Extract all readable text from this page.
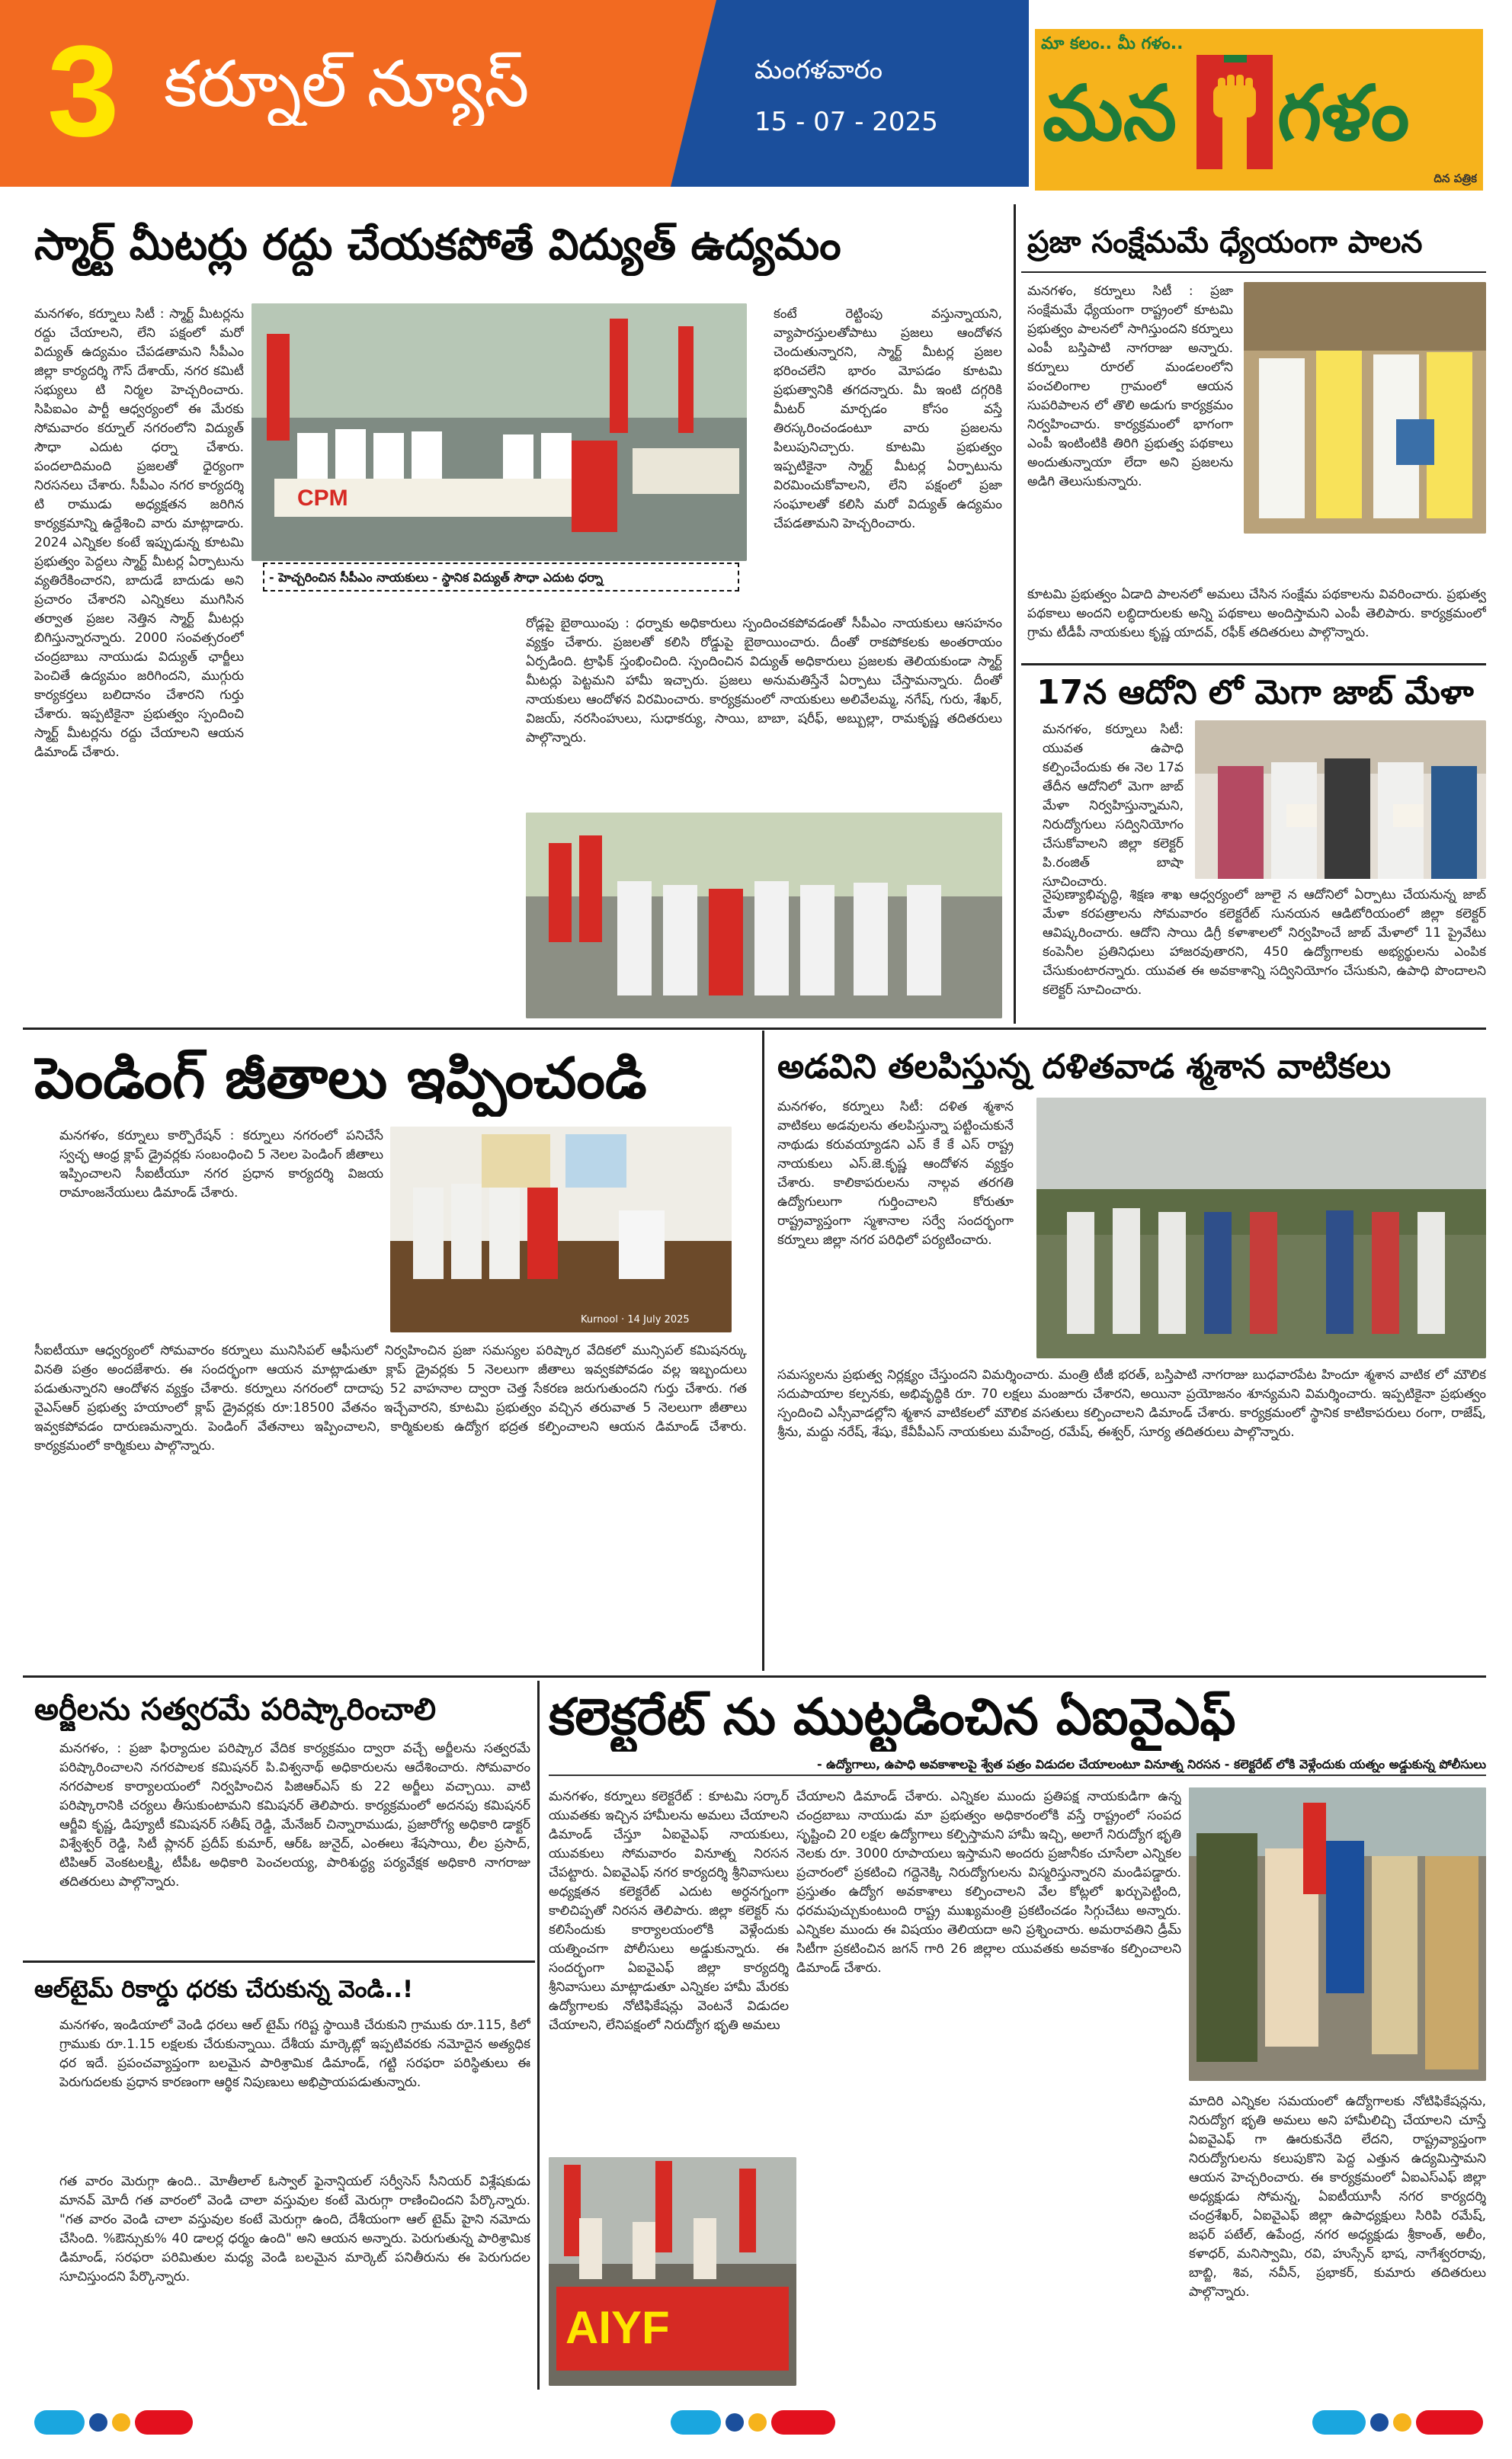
3 కర్నూల్ న్యూస్	మంగళవారం
15 - 07 - 2025
మా కలం.. మీ గళం..
మన గళం
దిన పత్రిక
స్మార్ట్ మీటర్లు రద్దు చేయకపోతే విద్యుత్ ఉద్యమం
మనగళం, కర్నూలు సిటీ : స్మార్ట్ మీటర్లను రద్దు చేయాలని, లేని పక్షంలో మరో విద్యుత్ ఉద్యమం చేపడతామని సీపీఎం జిల్లా కార్యదర్శి గౌస్ దేశాయ్, నగర కమిటీ సభ్యులు టి నిర్మల హెచ్చరించారు. సిపిఐఎం పార్టీ ఆధ్వర్యంలో ఈ మేరకు సోమవారం కర్నూల్ నగరంలోని విద్యుత్ సౌధా ఎదుట ధర్నా చేశారు. పందలాదిమంది ప్రజలతో ధైర్యంగా నిరసనలు చేశారు. సీపీఎం నగర కార్యదర్శి టి రాముడు అధ్యక్షతన జరిగిన కార్యక్రమాన్ని ఉద్దేశించి వారు మాట్లాడారు. 2024 ఎన్నికల కంటే ఇప్పుడున్న కూటమి ప్రభుత్వం పెద్దలు స్మార్ట్ మీటర్ల ఏర్పాటును వ్యతిరేకించారని, బాదుడే బాదుడు అని ప్రచారం చేశారని ఎన్నికలు ముగిసిన తర్వాత ప్రజల నెత్తిన స్మార్ట్ మీటర్లు బిగిస్తున్నారన్నారు. 2000 సంవత్సరంలో చంద్రబాబు నాయుడు విద్యుత్ ఛార్జీలు పెంచితే ఉద్యమం జరిగిందని, ముగ్గురు కార్యకర్తలు బలిదానం చేశారని గుర్తు చేశారు. ఇప్పటికైనా ప్రభుత్వం స్పందించి స్మార్ట్ మీటర్లను రద్దు చేయాలని ఆయన డిమాండ్ చేశారు.
CPM
- హెచ్చరించిన సీపీఎం నాయకులు - స్థానిక విద్యుత్ సౌధా ఎదుట ధర్నా
కంటే రెట్టింపు వస్తున్నాయని, వ్యాపారస్తులతోపాటు ప్రజలు ఆందోళన చెందుతున్నారని, స్మార్ట్ మీటర్ల ప్రజల భరించలేని భారం మోపడం కూటమి ప్రభుత్వానికి తగదన్నారు. మీ ఇంటి దగ్గరికి మీటర్ మార్చడం కోసం వస్తే తిరస్కరించండంటూ వారు ప్రజలను పిలుపునిచ్చారు. కూటమి ప్రభుత్వం ఇప్పటికైనా స్మార్ట్ మీటర్ల ఏర్పాటును విరమించుకోవాలని, లేని పక్షంలో ప్రజా సంఘాలతో కలిసి మరో విద్యుత్ ఉద్యమం చేపడతామని హెచ్చరించారు.
రోడ్లపై బైఠాయింపు : ధర్నాకు అధికారులు స్పందించకపోవడంతో సీపీఎం నాయకులు ఆసహనం వ్యక్తం చేశారు. ప్రజలతో కలిసి రోడ్డుపై బైఠాయించారు. దీంతో రాకపోకలకు అంతరాయం ఏర్పడింది. ట్రాఫిక్ స్తంభించింది. స్పందించిన విద్యుత్ అధికారులు ప్రజలకు తెలియకుండా స్మార్ట్ మీటర్లు పెట్టమని హామీ ఇచ్చారు. ప్రజలు అనుమతిస్తేనే ఏర్పాటు చేస్తామన్నారు. దీంతో నాయకులు ఆందోళన విరమించారు. కార్యక్రమంలో నాయకులు అలివేలమ్మ, నగేష్, గురు, శేఖర్, విజయ్, నరసింహులు, సుధాకర్యు, సాయి, బాబా, షరీఫ్, అబ్బుల్లా, రామకృష్ణ తదితరులు పాల్గొన్నారు.
ప్రజా సంక్షేమమే ధ్యేయంగా పాలన
మనగళం, కర్నూలు సిటీ : ప్రజా సంక్షేమమే ధ్యేయంగా రాష్ట్రంలో కూటమి ప్రభుత్వం పాలనలో సాగిస్తుందని కర్నూలు ఎంపీ బస్తిపాటి నాగరాజు అన్నారు. కర్నూలు రూరల్ మండలంలోని పంచలింగాల గ్రామంలో ఆయన సుపరిపాలన లో తొలి అడుగు కార్యక్రమం నిర్వహించారు. కార్యక్రమంలో భాగంగా ఎంపీ ఇంటింటికి తిరిగి ప్రభుత్వ పథకాలు అందుతున్నాయా లేదా అని ప్రజలను అడిగి తెలుసుకున్నారు.
కూటమి ప్రభుత్వం ఏడాది పాలనలో అమలు చేసిన సంక్షేమ పథకాలను వివరించారు. ప్రభుత్వ పథకాలు అందని లబ్ధిదారులకు అన్ని పథకాలు అందిస్తామని ఎంపీ తెలిపారు. కార్యక్రమంలో గ్రామ టీడీపీ నాయకులు కృష్ణ యాదవ్, రఫీక్ తదితరులు పాల్గొన్నారు.
17న ఆదోని లో మెగా జాబ్ మేళా
మనగళం, కర్నూలు సిటీ: యువత ఉపాధి కల్పించేందుకు ఈ నెల 17వ తేదీన ఆదోనిలో మెగా జాబ్ మేళా నిర్వహిస్తున్నామని, నిరుద్యోగులు సద్వినియోగం చేసుకోవాలని జిల్లా కలెక్టర్ పి.రంజిత్ బాషా సూచించారు.
నైపుణ్యాభివృద్ధి, శిక్షణ శాఖ ఆధ్వర్యంలో జూలై న ఆదోనిలో ఏర్పాటు చేయనున్న జాబ్ మేళా కరపత్రాలను సోమవారం కలెక్టరేట్ సునయన ఆడిటోరియంలో జిల్లా కలెక్టర్ ఆవిష్కరించారు. ఆదోని సాయి డిగ్రీ కళాశాలలో నిర్వహించే జాబ్ మేళాలో 11 ప్రైవేటు కంపెనీల ప్రతినిధులు హాజరవుతారని, 450 ఉద్యోగాలకు అభ్యర్థులను ఎంపిక చేసుకుంటారన్నారు. యువత ఈ అవకాశాన్ని సద్వినియోగం చేసుకుని, ఉపాధి పొందాలని కలెక్టర్ సూచించారు.
పెండింగ్ జీతాలు ఇప్పించండి
మనగళం, కర్నూలు కార్పొరేషన్ : కర్నూలు నగరంలో పనిచేసే స్వచ్ఛ ఆంధ్ర క్లాప్ డ్రైవర్లకు సంబంధించి 5 నెలల పెండింగ్ జీతాలు ఇప్పించాలని సీఐటీయూ నగర ప్రధాన కార్యదర్శి విజయ రామాంజనేయులు డిమాండ్ చేశారు.
Kurnool · 14 July 2025
సీఐటీయూ ఆధ్వర్యంలో సోమవారం కర్నూలు మునిసిపల్ ఆఫీసులో నిర్వహించిన ప్రజా సమస్యల పరిష్కార వేదికలో మున్సిపల్ కమిషనర్కు వినతి పత్రం అందజేశారు. ఈ సందర్భంగా ఆయన మాట్లాడుతూ క్లాప్ డ్రైవర్లకు 5 నెలలుగా జీతాలు ఇవ్వకపోవడం వల్ల ఇబ్బందులు పడుతున్నారని ఆందోళన వ్యక్తం చేశారు. కర్నూలు నగరంలో దాదాపు 52 వాహనాల ద్వారా చెత్త సేకరణ జరుగుతుందని గుర్తు చేశారు. గత వైఎస్ఆర్ ప్రభుత్వ హయాంలో క్లాప్ డ్రైవర్లకు రూ:18500 వేతనం ఇచ్చేవారని, కూటమి ప్రభుత్వం వచ్చిన తరువాత 5 నెలలుగా జీతాలు ఇవ్వకపోవడం దారుణమన్నారు. పెండింగ్ వేతనాలు ఇప్పించాలని, కార్మికులకు ఉద్యోగ భద్రత కల్పించాలని ఆయన డిమాండ్ చేశారు. కార్యక్రమంలో కార్మికులు పాల్గొన్నారు.
అడవిని తలపిస్తున్న దళితవాడ శ్మశాన వాటికలు
మనగళం, కర్నూలు సిటీ: దళిత శ్మశాన వాటికలు అడవులను తలపిస్తున్నా పట్టించుకునే నాథుడు కరువయ్యాడని ఎస్ కే కే ఎస్ రాష్ట్ర నాయకులు ఎస్.జె.కృష్ణ ఆందోళన వ్యక్తం చేశారు. కాలికాపరులను నాల్గవ తరగతి ఉద్యోగులుగా గుర్తించాలని కోరుతూ రాష్ట్రవ్యాప్తంగా స్మశానాల సర్వే సందర్భంగా కర్నూలు జిల్లా నగర పరిధిలో పర్యటించారు.
సమస్యలను ప్రభుత్వ నిర్లక్ష్యం చేస్తుందని విమర్శించారు. మంత్రి టీజీ భరత్, బస్తిపాటి నాగరాజు బుధవారపేట హిందూ శ్మశాన వాటిక లో మౌలిక సదుపాయాల కల్పనకు, అభివృద్ధికి రూ. 70 లక్షలు మంజూరు చేశారని, అయినా ప్రయోజనం శూన్యమని విమర్శించారు. ఇప్పటికైనా ప్రభుత్వం స్పందించి ఎస్సీవాడల్లోని శ్మశాన వాటికలలో మౌలిక వసతులు కల్పించాలని డిమాండ్ చేశారు. కార్యక్రమంలో స్థానిక కాటికాపరులు రంగా, రాజేష్, శ్రీను, మద్దు నరేష్, శేషు, కేవీపీఎస్ నాయకులు మహేంద్ర, రమేష్, ఈశ్వర్, సూర్య తదితరులు పాల్గొన్నారు.
అర్జీలను సత్వరమే పరిష్కారించాలి
మనగళం, : ప్రజా ఫిర్యాదుల పరిష్కార వేదిక కార్యక్రమం ద్వారా వచ్చే అర్జీలను సత్వరమే పరిష్కారించాలని నగరపాలక కమిషనర్ పి.విశ్వనాథ్ అధికారులను ఆదేశించారు. సోమవారం నగరపాలక కార్యాలయంలో నిర్వహించిన పిజిఆర్ఎస్ కు 22 అర్జీలు వచ్చాయి. వాటి పరిష్కారానికి చర్యలు తీసుకుంటామని కమిషనర్ తెలిపారు. కార్యక్రమంలో అదనపు కమిషనర్ ఆర్జీవి కృష్ణ, డిప్యూటీ కమిషనర్ సతీష్ రెడ్డి, మేనేజర్ చిన్నారాముడు, ప్రజారోగ్య అధికారి డాక్టర్ విశ్వేశ్వర్ రెడ్డి, సిటీ ప్లానర్ ప్రదీప్ కుమార్, ఆర్ఓ జునైద్, ఎంఈలు శేషసాయి, లీల ప్రసాద్, టిపిఆర్ వెంకటలక్ష్మి, టీపీఓ అధికారి పెంచలయ్య, పారిశుద్ధ్య పర్యవేక్షక అధికారి నాగరాజు తదితరులు పాల్గొన్నారు.
ఆల్‌టైమ్ రికార్డు ధరకు చేరుకున్న వెండి..!
మనగళం, ఇండియాలో వెండి ధరలు ఆల్ టైమ్ గరిష్ట స్థాయికి చేరుకుని గ్రాముకు రూ.115, కిలో గ్రాముకు రూ.1.15 లక్షలకు చేరుకున్నాయి. దేశీయ మార్కెట్లో ఇప్పటివరకు నమోదైన అత్యధిక ధర ఇదే. ప్రపంచవ్యాప్తంగా బలమైన పారిశ్రామిక డిమాండ్, గట్టి సరఫరా పరిస్థితులు ఈ పెరుగుదలకు ప్రధాన కారణంగా ఆర్థిక నిపుణులు అభిప్రాయపడుతున్నారు.
గత వారం మెరుగ్గా ఉంది.. మోతీలాల్ ఓస్వాల్ ఫైనాన్షియల్ సర్వీసెస్ సీనియర్ విశ్లేషకుడు మానవ్ మోదీ గత వారంలో వెండి చాలా వస్తువుల కంటే మెరుగ్గా రాణించిందని పేర్కొన్నారు. "గత వారం వెండి చాలా వస్తువుల కంటే మెరుగ్గా ఉంది, దేశీయంగా ఆల్ టైమ్ హైని నమోదు చేసింది. %ఔన్సుకు% 40 డాలర్ల ధర్మం ఉంది" అని ఆయన అన్నారు. పెరుగుతున్న పారిశ్రామిక డిమాండ్, సరఫరా పరిమితుల మధ్య వెండి బలమైన మార్కెట్ పనితీరును ఈ పెరుగుదల సూచిస్తుందని పేర్కొన్నారు.
కలెక్టరేట్ ను ముట్టడించిన ఏఐవైఎఫ్
- ఉద్యోగాలు, ఉపాధి అవకాశాలపై శ్వేత పత్రం విడుదల చేయాలంటూ వినూత్న నిరసన - కలెక్టరేట్ లోకి వెళ్లేందుకు యత్నం అడ్డుకున్న పోలీసులు
మనగళం, కర్నూలు కలెక్టరేట్ : కూటమి సర్కార్ యువతకు ఇచ్చిన హామీలను అమలు చేయాలని డిమాండ్ చేస్తూ ఏఐవైఎఫ్ నాయకులు, యువకులు సోమవారం వినూత్న నిరసన చేపట్టారు. ఏఐవైఎఫ్ నగర కార్యదర్శి శ్రీనివాసులు అధ్యక్షతన కలెక్టరేట్ ఎదుట అర్ధనగ్నంగా కాలిచిప్పతో నిరసన తెలిపారు. జిల్లా కలెక్టర్ ను కలిసేందుకు కార్యాలయంలోకి వెళ్లేందుకు యత్నించగా పోలీసులు అడ్డుకున్నారు. ఈ సందర్భంగా ఏఐవైఎఫ్ జిల్లా కార్యదర్శి శ్రీనివాసులు మాట్లాడుతూ ఎన్నికల హామీ మేరకు ఉద్యోగాలకు నోటిఫికేషన్లు వెంటనే విడుదల చేయాలని, లేనిపక్షంలో నిరుద్యోగ భృతి అమలు
చేయాలని డిమాండ్ చేశారు. ఎన్నికల ముందు ప్రతిపక్ష నాయకుడిగా ఉన్న చంద్రబాబు నాయుడు మా ప్రభుత్వం అధికారంలోకి వస్తే రాష్ట్రంలో సంపద సృష్టించి 20 లక్షల ఉద్యోగాలు కల్పిస్తామని హామీ ఇచ్చి, అలాగే నిరుద్యోగ భృతి నెలకు రూ. 3000 రూపాయలు ఇస్తామని అందరు ప్రజానీకం చూసేలా ఎన్నికల ప్రచారంలో ప్రకటించి గద్దెనెక్కి నిరుద్యోగులను విస్మరిస్తున్నారని మండిపడ్డారు. ప్రస్తుతం ఉద్యోగ అవకాశాలు కల్పించాలని వేల కోట్లలో ఖర్చుపెట్టింది, ధరమపుచ్చుకుంటుంది రాష్ట్ర ముఖ్యమంత్రి ప్రకటించడం సిగ్గుచేటు అన్నారు. ఎన్నికల ముందు ఈ విషయం తెలియదా అని ప్రశ్నించారు. అమరావతిని డ్రీమ్ సిటీగా ప్రకటించిన జగన్ గారి 26 జిల్లాల యువతకు అవకాశం కల్పించాలని డిమాండ్ చేశారు.
మాదిరి ఎన్నికల సమయంలో ఉద్యోగాలకు నోటిఫికేషన్లను, నిరుద్యోగ భృతి అమలు అని హామీలిచ్చి చేయాలని చూస్తే ఏఐవైఎఫ్ గా ఊరుకునేది లేదని, రాష్ట్రవ్యాప్తంగా నిరుద్యోగులను కలుపుకొని పెద్ద ఎత్తున ఉద్యమిస్తామని ఆయన హెచ్చరించారు. ఈ కార్యక్రమంలో ఏఐఎస్ఎఫ్ జిల్లా అధ్యక్షుడు సోమన్న, ఏఐటీయూసీ నగర కార్యదర్శి చంద్రశేఖర్, ఏఐవైఎఫ్ జిల్లా ఉపాధ్యక్షులు సిరిపి రమేష్, జఫర్ పటేల్, ఉపేంద్ర, నగర అధ్యక్షుడు శ్రీకాంత్, అలీం, కళాధర్, మనిస్వామి, రవి, హుస్సేన్ భాష, నాగేశ్వరరావు, బాబ్జి, శివ, నవీన్, ప్రభాకర్, కుమారు తదితరులు పాల్గొన్నారు.
AIYF
